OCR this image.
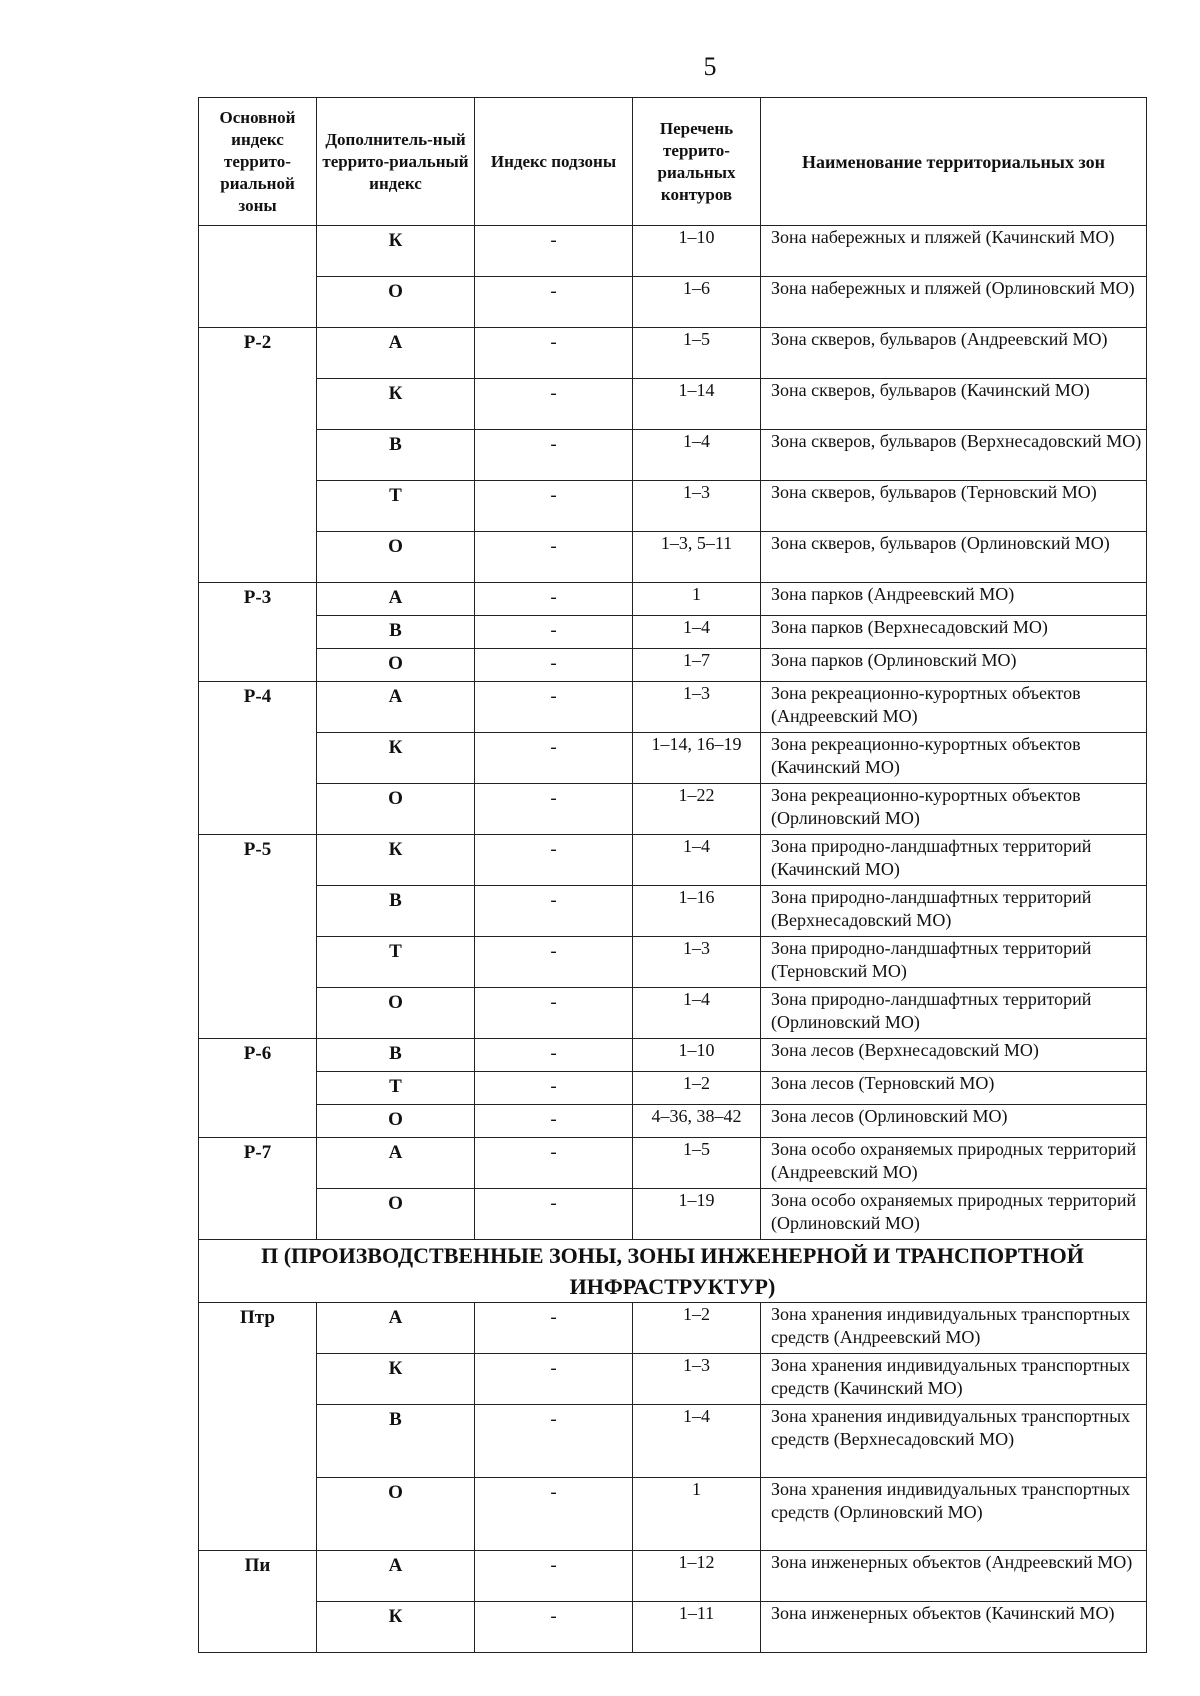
5
Основной индекс террито-риальной зоны	Дополнитель-ный террито-риальный индекс	Индекс подзоны	Перечень террито-риальных контуров	Наименование территориальных зон
	К	-	1–10	Зона набережных и пляжей (Качинский МО)
	О	-	1–6	Зона набережных и пляжей (Орлиновский МО)
Р-2	А	-	1–5	Зона скверов, бульваров (Андреевский МО)
	К	-	1–14	Зона скверов, бульваров (Качинский МО)
	В	-	1–4	Зона скверов, бульваров (Верхнесадовский МО)
	Т	-	1–3	Зона скверов, бульваров (Терновский МО)
	О	-	1–3, 5–11	Зона скверов, бульваров (Орлиновский МО)
Р-3	А	-	1	Зона парков (Андреевский МО)
	В	-	1–4	Зона парков (Верхнесадовский МО)
	О	-	1–7	Зона парков (Орлиновский МО)
Р-4	А	-	1–3	Зона рекреационно-курортных объектов (Андреевский МО)
	К	-	1–14, 16–19	Зона рекреационно-курортных объектов (Качинский МО)
	О	-	1–22	Зона рекреационно-курортных объектов (Орлиновский МО)
Р-5	К	-	1–4	Зона природно-ландшафтных территорий (Качинский МО)
	В	-	1–16	Зона природно-ландшафтных территорий (Верхнесадовский МО)
	Т	-	1–3	Зона природно-ландшафтных территорий (Терновский МО)
	О	-	1–4	Зона природно-ландшафтных территорий (Орлиновский МО)
Р-6	В	-	1–10	Зона лесов (Верхнесадовский МО)
	Т	-	1–2	Зона лесов (Терновский МО)
	О	-	4–36, 38–42	Зона лесов (Орлиновский МО)
Р-7	А	-	1–5	Зона особо охраняемых природных территорий (Андреевский МО)
	О	-	1–19	Зона особо охраняемых природных территорий (Орлиновский МО)
П (ПРОИЗВОДСТВЕННЫЕ ЗОНЫ, ЗОНЫ ИНЖЕНЕРНОЙ И ТРАНСПОРТНОЙ ИНФРАСТРУКТУР)				
Птр	А	-	1–2	Зона хранения индивидуальных транспортных средств (Андреевский МО)
	К	-	1–3	Зона хранения индивидуальных транспортных средств (Качинский МО)
	В	-	1–4	Зона хранения индивидуальных транспортных средств (Верхнесадовский МО)
	О	-	1	Зона хранения индивидуальных транспортных средств (Орлиновский МО)
Пи	А	-	1–12	Зона инженерных объектов (Андреевский МО)
	К	-	1–11	Зона инженерных объектов (Качинский МО)
